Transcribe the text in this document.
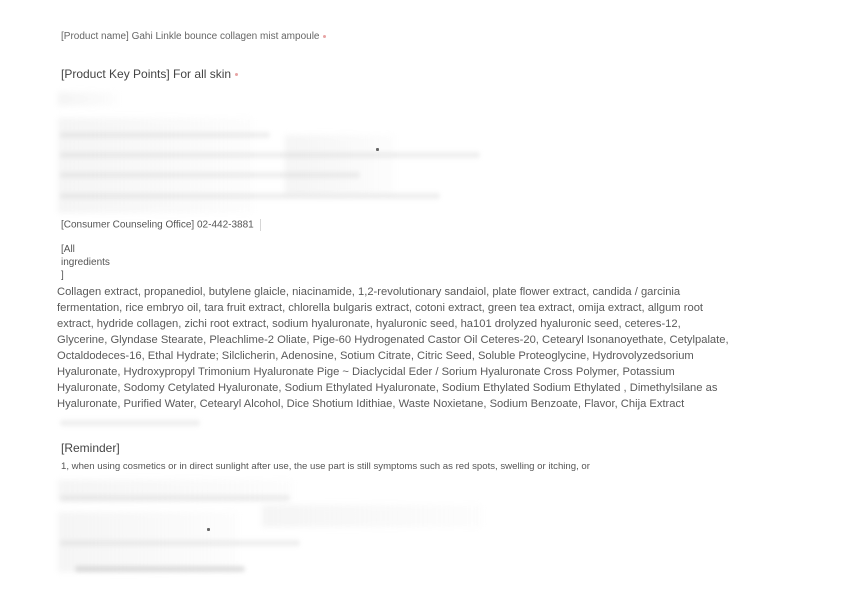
[Product name] Gahi Linkle bounce collagen mist ampoule
[Product Key Points] For all skin
[Consumer Counseling Office] 02-442-3881
[All
ingredients
]
Collagen extract, propanediol, butylene glaicle, niacinamide, 1,2-revolutionary sandaiol, plate flower extract, candida / garcinia
fermentation, rice embryo oil, tara fruit extract, chlorella bulgaris extract, cotoni extract, green tea extract, omija extract, allgum root
extract, hydride collagen, zichi root extract, sodium hyaluronate, hyaluronic seed, ha101 drolyzed hyaluronic seed, ceteres-12,
Glycerine, Glyndase Stearate, Pleachlime-2 Oliate, Pige-60 Hydrogenated Castor Oil Ceteres-20, Cetearyl Isonanoyethate, Cetylpalate,
Octaldodeces-16, Ethal Hydrate; Silclicherin, Adenosine, Sotium Citrate, Citric Seed, Soluble Proteoglycine, Hydrovolyzedsorium
Hyaluronate, Hydroxypropyl Trimonium Hyaluronate Pige ~ Diaclycidal Eder / Sorium Hyaluronate Cross Polymer, Potassium
Hyaluronate, Sodomy Cetylated Hyaluronate, Sodium Ethylated Hyaluronate, Sodium Ethylated Sodium Ethylated , Dimethylsilane as
Hyaluronate, Purified Water, Cetearyl Alcohol, Dice Shotium Idithiae, Waste Noxietane, Sodium Benzoate, Flavor, Chija Extract
[Reminder]
1, when using cosmetics or in direct sunlight after use, the use part is still symptoms such as red spots, swelling or itching, or
